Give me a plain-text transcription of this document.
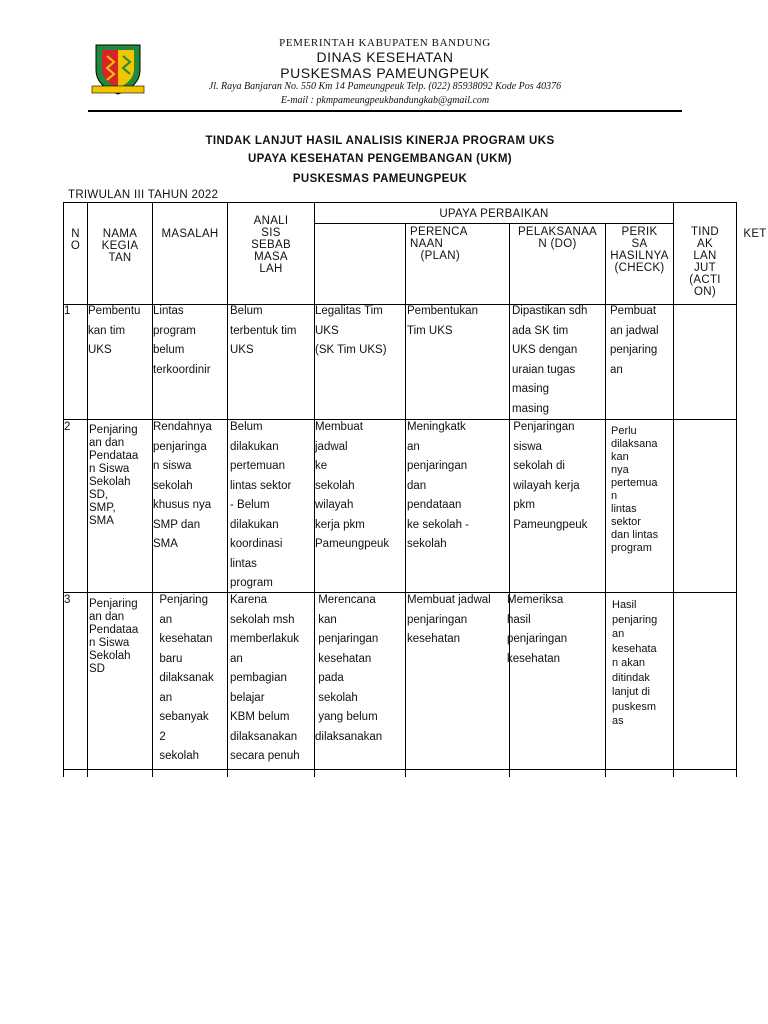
PEMERINTAH KABUPATEN BANDUNG
DINAS KESEHATAN
PUSKESMAS PAMEUNGPEUK
Jl. Raya Banjaran No. 550 Km 14 Pameungpeuk Telp. (022) 85938092 Kode Pos 40376
E-mail : pkmpameungpeukbandungkab@gmail.com
TINDAK LANJUT HASIL ANALISIS KINERJA PROGRAM UKS
UPAYA KESEHATAN PENGEMBANGAN (UKM)
PUSKESMAS PAMEUNGPEUK
TRIWULAN III TAHUN 2022
N
O
NAMA
KEGIA
TAN
MASALAH
ANALI
SIS
SEBAB
MASA
LAH
UPAYA PERBAIKAN
PERENCA
NAAN
(PLAN)
PELAKSANAA
N (DO)
PERIK
SA
HASILNYA
(CHECK)
TIND
AK
LAN
JUT
(ACTI
ON)
KET
1 Pembentu
kan tim
UKS
Lintas
program
belum
terkoordinir
Belum
terbentuk tim
UKS
Legalitas Tim
UKS
(SK Tim UKS)
Pembentukan
Tim UKS
Dipastikan sdh
ada SK tim
UKS dengan
uraian tugas
masing
masing
Pembuat
an jadwal
penjaring
an
2 Penjaring
an dan
Pendataa
n Siswa
Sekolah
SD,
SMP,
SMA
Rendahnya
penjaringa
n siswa
sekolah
khusus nya
SMP dan
SMA
Belum
dilakukan
pertemuan
lintas sektor
- Belum
dilakukan
koordinasi
lintas
program
Membuat
jadwal
ke
sekolah
wilayah
kerja pkm
Pameungpeuk
Meningkatk
an
penjaringan
dan
pendataan
ke sekolah -
sekolah
Penjaringan
siswa
sekolah di
wilayah kerja
pkm
Pameungpeuk
Perlu
dilaksana
kan
nya
pertemua
n
lintas
sektor
dan lintas
program
3 Penjaring
an dan
Pendataa
n Siswa
Sekolah
SD
Penjaring
an
kesehatan
baru
dilaksanak
an
sebanyak
2
sekolah
Karena
sekolah msh
memberlakuk
an
pembagian
belajar
KBM belum
dilaksanakan
secara penuh
Merencana
kan
penjaringan
kesehatan
pada
sekolah
yang belum
dilaksanakan
Membuat jadwal
penjaringan
kesehatan
Memeriksa
hasil
penjaringan
kesehatan
Hasil
penjaring
an
kesehata
n akan
ditindak
lanjut di
puskesm
as
